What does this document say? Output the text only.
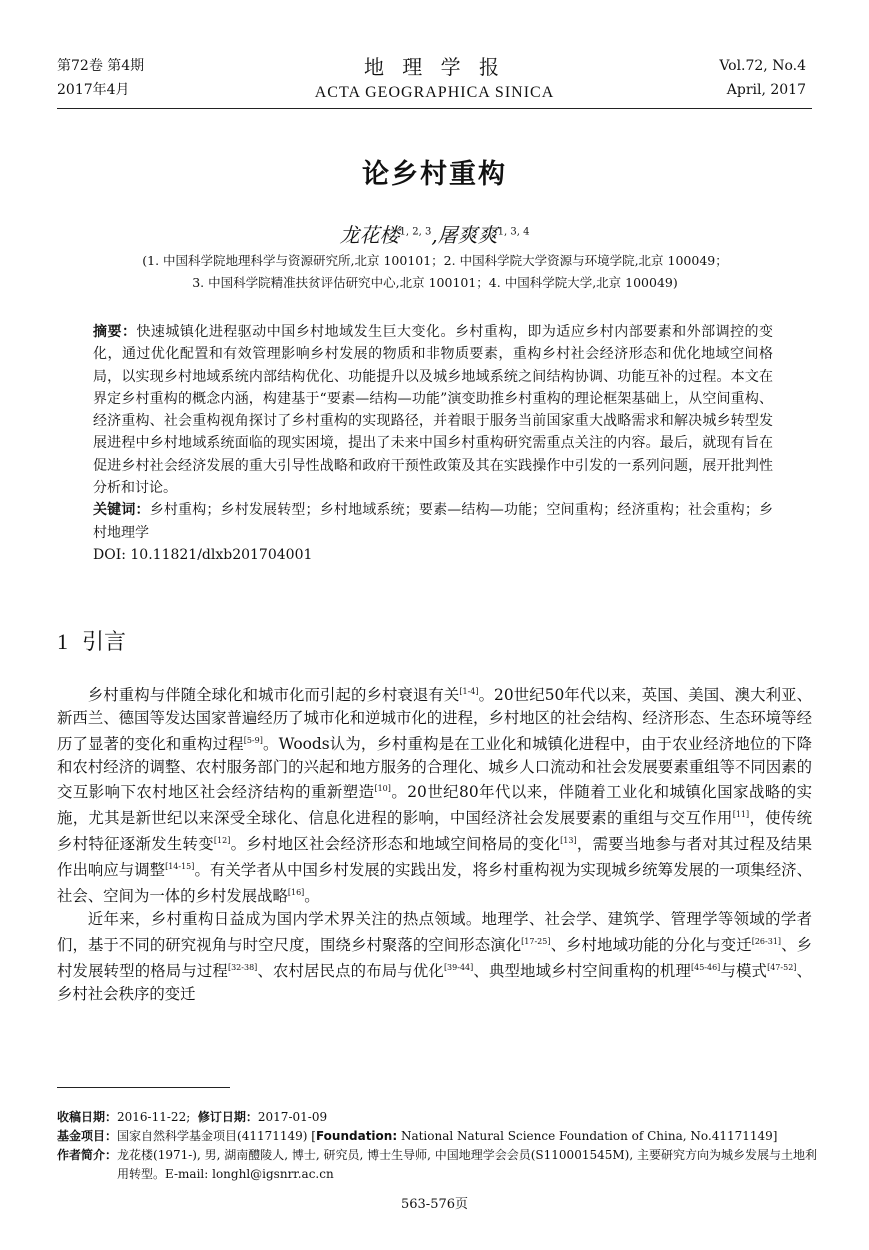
第72卷 第4期
2017年4月
地 理 学 报
ACTA GEOGRAPHICA SINICA
Vol.72, No.4
April, 2017
论乡村重构
龙花楼$^{1, 2, 3}$,屠爽爽$^{1, 3, 4}$
(1. 中国科学院地理科学与资源研究所,北京 100101；2. 中国科学院大学资源与环境学院,北京 100049；
3. 中国科学院精准扶贫评估研究中心,北京 100101；4. 中国科学院大学,北京 100049)

摘要：快速城镇化进程驱动中国乡村地域发生巨大变化。乡村重构，即为适应乡村内部要素和外部调控的变化，通过优化配置和有效管理影响乡村发展的物质和非物质要素，重构乡村社会经济形态和优化地域空间格局，以实现乡村地域系统内部结构优化、功能提升以及城乡地域系统之间结构协调、功能互补的过程。本文在界定乡村重构的概念内涵，构建基于“要素—结构—功能”演变助推乡村重构的理论框架基础上，从空间重构、经济重构、社会重构视角探讨了乡村重构的实现路径，并着眼于服务当前国家重大战略需求和解决城乡转型发展进程中乡村地域系统面临的现实困境，提出了未来中国乡村重构研究需重点关注的内容。最后，就现有旨在促进乡村社会经济发展的重大引导性战略和政府干预性政策及其在实践操作中引发的一系列问题，展开批判性分析和讨论。

关键词：乡村重构；乡村发展转型；乡村地域系统；要素—结构—功能；空间重构；经济重构；社会重构；乡村地理学

DOI: 10.11821/dlxb201704001

1 引言

乡村重构与伴随全球化和城市化而引起的乡村衰退有关[1-4]。20世纪50年代以来，英国、美国、澳大利亚、新西兰、德国等发达国家普遍经历了城市化和逆城市化的进程，乡村地区的社会结构、经济形态、生态环境等经历了显著的变化和重构过程[5-9]。Woods认为，乡村重构是在工业化和城镇化进程中，由于农业经济地位的下降和农村经济的调整、农村服务部门的兴起和地方服务的合理化、城乡人口流动和社会发展要素重组等不同因素的交互影响下农村地区社会经济结构的重新塑造[10]。20世纪80年代以来，伴随着工业化和城镇化国家战略的实施，尤其是新世纪以来深受全球化、信息化进程的影响，中国经济社会发展要素的重组与交互作用[11]，使传统乡村特征逐渐发生转变[12]。乡村地区社会经济形态和地域空间格局的变化[13]，需要当地参与者对其过程及结果作出响应与调整[14-15]。有关学者从中国乡村发展的实践出发，将乡村重构视为实现城乡统筹发展的一项集经济、社会、空间为一体的乡村发展战略[16]。

近年来，乡村重构日益成为国内学术界关注的热点领域。地理学、社会学、建筑学、管理学等领域的学者们，基于不同的研究视角与时空尺度，围绕乡村聚落的空间形态演化[17-25]、乡村地域功能的分化与变迁[26-31]、乡村发展转型的格局与过程[32-38]、农村居民点的布局与优化[39-44]、典型地域乡村空间重构的机理[45-46]与模式[47-52]、乡村社会秩序的变迁

收稿日期： 2016-11-22;
修订日期： 2017-01-09
基金项目： 国家自然科学基金项目(41171149) [Foundation: National Natural Science Foundation of China, No.41171149]
作者简介： 龙花楼(1971-), 男, 湖南醴陵人, 博士, 研究员, 博士生导师, 中国地理学会会员(S110001545M), 主要研究方向为城乡发展与土地利用转型。E-mail: longhl@igsnrr.ac.cn
563-576页
